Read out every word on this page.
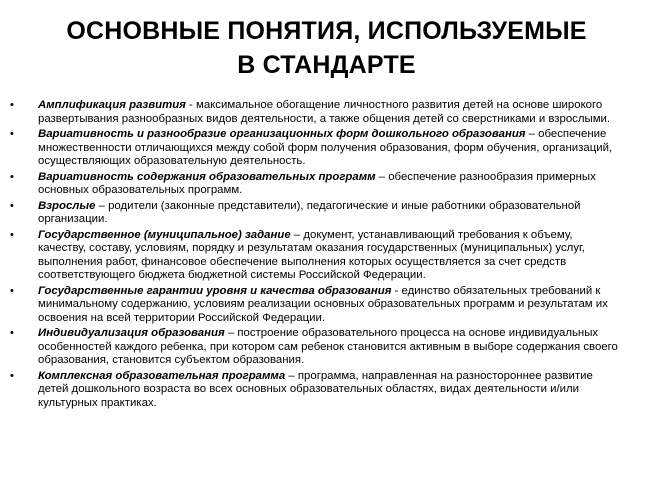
ОСНОВНЫЕ ПОНЯТИЯ, ИСПОЛЬЗУЕМЫЕ
В СТАНДАРТЕ
• Амплификация развития - максимальное обогащение личностного развития детей на основе широкого развертывания разнообразных видов деятельности, а также общения детей со сверстниками и взрослыми.
• Вариативность и разнообразие организационных форм дошкольного образования – обеспечение множественности отличающихся между собой форм получения образования, форм обучения, организаций, осуществляющих образовательную деятельность.
• Вариативность содержания образовательных программ – обеспечение разнообразия примерных основных образовательных программ.
• Взрослые – родители (законные представители), педагогические и иные работники образовательной организации.
• Государственное (муниципальное) задание – документ, устанавливающий требования к объему, качеству, составу, условиям, порядку и результатам оказания государственных (муниципальных) услуг, выполнения работ, финансовое обеспечение выполнения которых осуществляется за счет средств соответствующего бюджета бюджетной системы Российской Федерации.
• Государственные гарантии уровня и качества образования - единство обязательных требований к минимальному содержанию, условиям реализации основных образовательных программ и результатам их освоения на всей территории Российской Федерации.
• Индивидуализация образования – построение образовательного процесса на основе индивидуальных особенностей каждого ребенка, при котором сам ребенок становится активным в выборе содержания своего образования, становится субъектом образования.
• Комплексная образовательная программа – программа, направленная на разностороннее развитие детей дошкольного возраста во всех основных образовательных областях, видах деятельности и/или культурных практиках.
